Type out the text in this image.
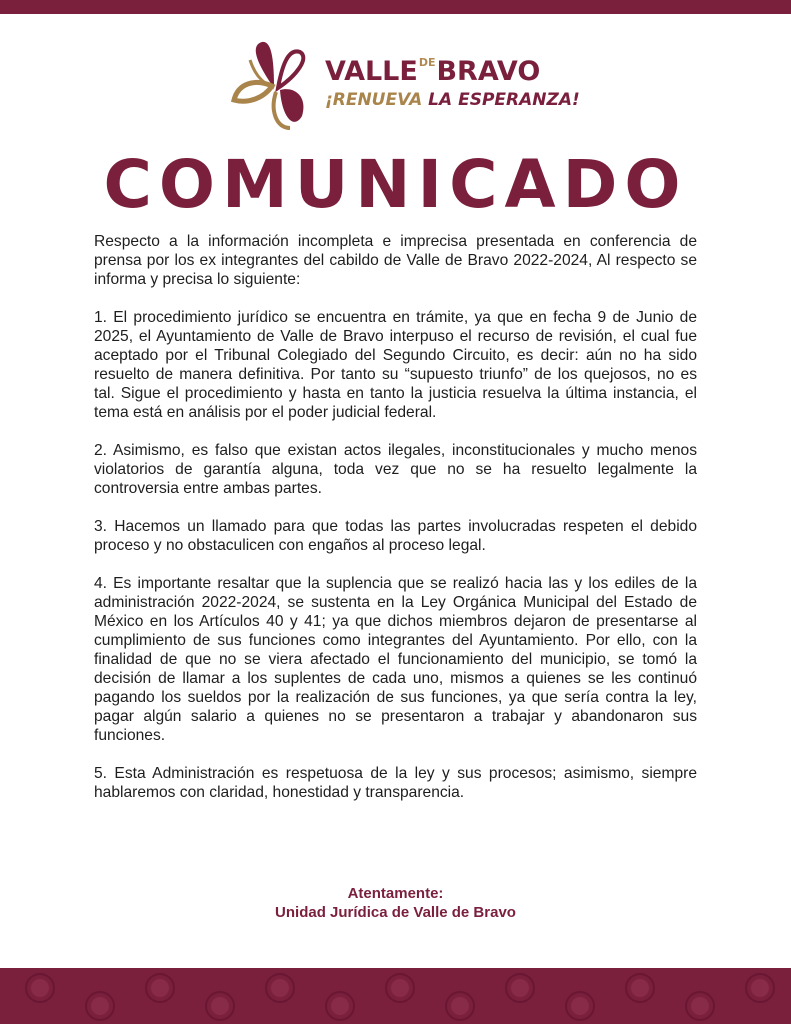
$VALLE^{DE}BRAVO$
¡RENUEVA LA ESPERANZA!
COMUNICADO

Respecto a la información incompleta e imprecisa presentada en conferencia de prensa por los ex integrantes del cabildo de Valle de Bravo 2022-2024, Al respecto se informa y precisa lo siguiente:

1. El procedimiento jurídico se encuentra en trámite, ya que en fecha 9 de Junio de 2025, el Ayuntamiento de Valle de Bravo interpuso el recurso de revisión, el cual fue aceptado por el Tribunal Colegiado del Segundo Circuito, es decir: aún no ha sido resuelto de manera definitiva. Por tanto su “supuesto triunfo” de los quejosos, no es tal. Sigue el procedimiento y hasta en tanto la justicia resuelva la última instancia, el tema está en análisis por el poder judicial federal.

2. Asimismo, es falso que existan actos ilegales, inconstitucionales y mucho menos violatorios de garantía alguna, toda vez que no se ha resuelto legalmente la controversia entre ambas partes.

3. Hacemos un llamado para que todas las partes involucradas respeten el debido proceso y no obstaculicen con engaños al proceso legal.

4. Es importante resaltar que la suplencia que se realizó hacia las y los ediles de la administración 2022-2024, se sustenta en la Ley Orgánica Municipal del Estado de México en los Artículos 40 y 41; ya que dichos miembros dejaron de presentarse al cumplimiento de sus funciones como integrantes del Ayuntamiento. Por ello, con la finalidad de que no se viera afectado el funcionamiento del municipio, se tomó la decisión de llamar a los suplentes de cada uno, mismos a quienes se les continuó pagando los sueldos por la realización de sus funciones, ya que sería contra la ley, pagar algún salario a quienes no se presentaron a trabajar y abandonaron sus funciones.

5. Esta Administración es respetuosa de la ley y sus procesos; asimismo, siempre hablaremos con claridad, honestidad y transparencia.

Atentamente:
Unidad Jurídica de Valle de Bravo
